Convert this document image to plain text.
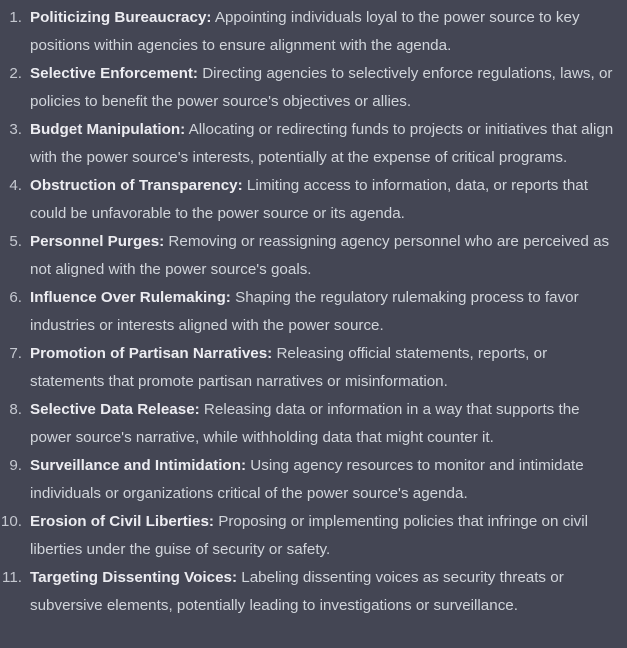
1. Politicizing Bureaucracy: Appointing individuals loyal to the power source to key positions within agencies to ensure alignment with the agenda.
2. Selective Enforcement: Directing agencies to selectively enforce regulations, laws, or policies to benefit the power source's objectives or allies.
3. Budget Manipulation: Allocating or redirecting funds to projects or initiatives that align with the power source's interests, potentially at the expense of critical programs.
4. Obstruction of Transparency: Limiting access to information, data, or reports that could be unfavorable to the power source or its agenda.
5. Personnel Purges: Removing or reassigning agency personnel who are perceived as not aligned with the power source's goals.
6. Influence Over Rulemaking: Shaping the regulatory rulemaking process to favor industries or interests aligned with the power source.
7. Promotion of Partisan Narratives: Releasing official statements, reports, or statements that promote partisan narratives or misinformation.
8. Selective Data Release: Releasing data or information in a way that supports the power source's narrative, while withholding data that might counter it.
9. Surveillance and Intimidation: Using agency resources to monitor and intimidate individuals or organizations critical of the power source's agenda.
10. Erosion of Civil Liberties: Proposing or implementing policies that infringe on civil liberties under the guise of security or safety.
11. Targeting Dissenting Voices: Labeling dissenting voices as security threats or subversive elements, potentially leading to investigations or surveillance.
